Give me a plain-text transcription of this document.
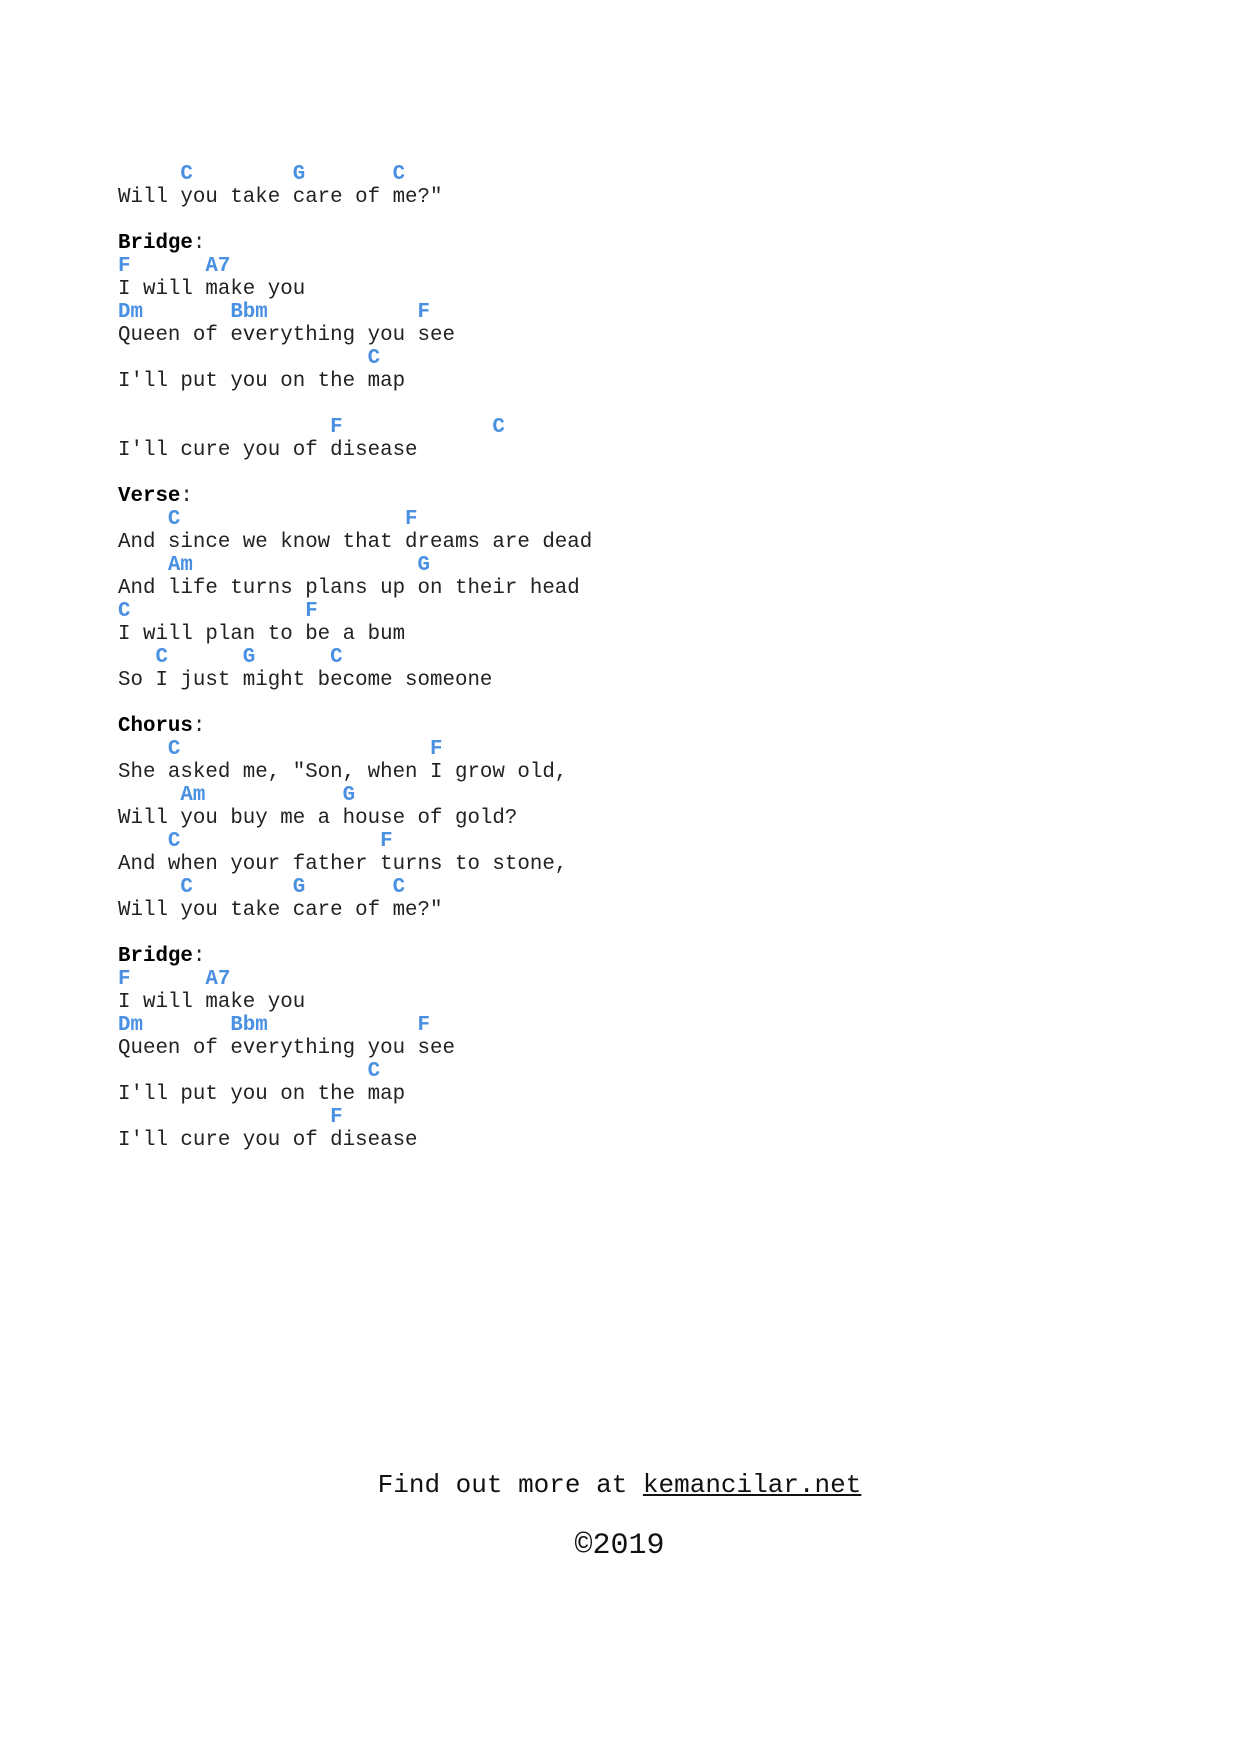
C        G       C
Will you take care of me?"
Bridge:
F      A7
I will make you
Dm       Bbm            F
Queen of everything you see
C
I'll put you on the map
F            C
I'll cure you of disease
Verse:
C                  F
And since we know that dreams are dead
Am                  G
And life turns plans up on their head
C              F
I will plan to be a bum
C      G      C
So I just might become someone
Chorus:
C                    F
She asked me, "Son, when I grow old,
Am           G
Will you buy me a house of gold?
C                F
And when your father turns to stone,
C        G       C
Will you take care of me?"
Bridge:
F      A7
I will make you
Dm       Bbm            F
Queen of everything you see
C
I'll put you on the map
F
I'll cure you of disease
Find out more at kemancilar.net
©2019
